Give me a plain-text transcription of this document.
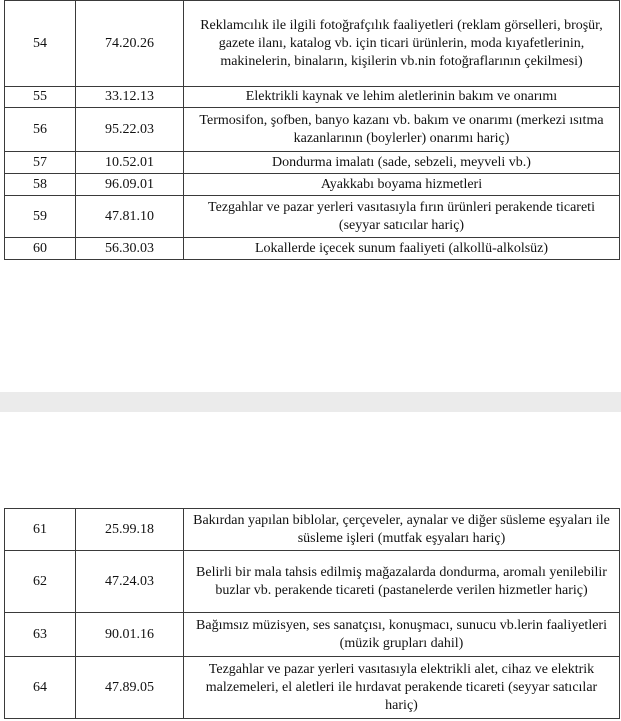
54	74.20.26	Reklamcılık ile ilgili fotoğrafçılık faaliyetleri (reklam görselleri, broşür, gazete ilanı, katalog vb. için ticari ürünlerin, moda kıyafetlerinin, makinelerin, binaların, kişilerin vb.nin fotoğraflarının çekilmesi)
55	33.12.13	Elektrikli kaynak ve lehim aletlerinin bakım ve onarımı
56	95.22.03	Termosifon, şofben, banyo kazanı vb. bakım ve onarımı (merkezi ısıtma kazanlarının (boylerler) onarımı hariç)
57	10.52.01	Dondurma imalatı (sade, sebzeli, meyveli vb.)
58	96.09.01	Ayakkabı boyama hizmetleri
59	47.81.10	Tezgahlar ve pazar yerleri vasıtasıyla fırın ürünleri perakende ticareti (seyyar satıcılar hariç)
60	56.30.03	Lokallerde içecek sunum faaliyeti (alkollü-alkolsüz)
61	25.99.18	Bakırdan yapılan biblolar, çerçeveler, aynalar ve diğer süsleme eşyaları ile süsleme işleri (mutfak eşyaları hariç)
62	47.24.03	Belirli bir mala tahsis edilmiş mağazalarda dondurma, aromalı yenilebilir buzlar vb. perakende ticareti (pastanelerde verilen hizmetler hariç)
63	90.01.16	Bağımsız müzisyen, ses sanatçısı, konuşmacı, sunucu vb.lerin faaliyetleri (müzik grupları dahil)
64	47.89.05	Tezgahlar ve pazar yerleri vasıtasıyla elektrikli alet, cihaz ve elektrik malzemeleri, el aletleri ile hırdavat perakende ticareti (seyyar satıcılar hariç)
